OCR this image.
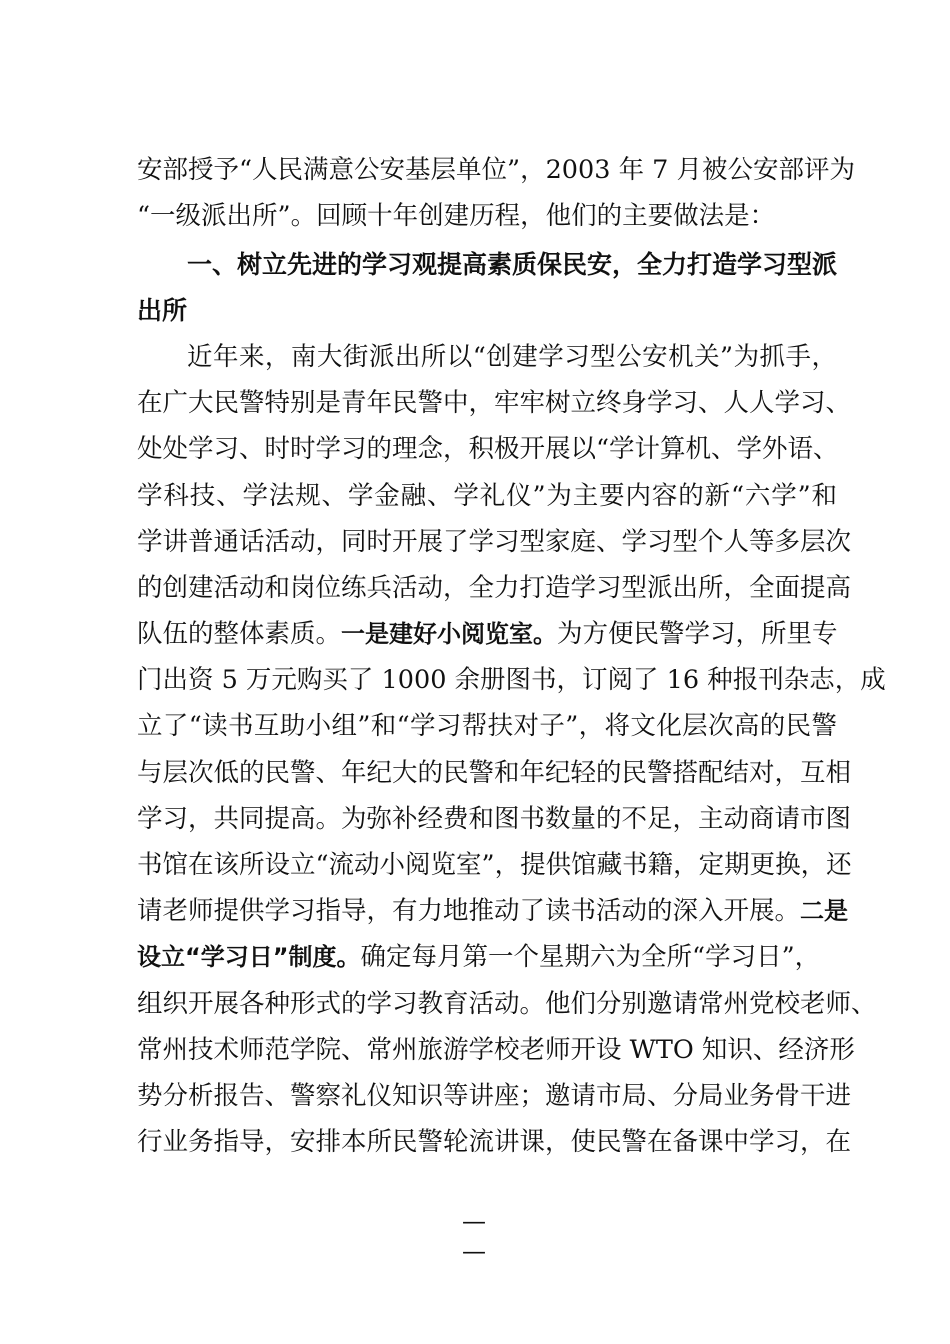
安部授予“人民满意公安基层单位”，2003 年 7 月被公安部评为
“一级派出所”。回顾十年创建历程，他们的主要做法是：
一、树立先进的学习观提高素质保民安，全力打造学习型派
出所
近年来，南大街派出所以“创建学习型公安机关”为抓手，
在广大民警特别是青年民警中，牢牢树立终身学习、人人学习、
处处学习、时时学习的理念，积极开展以“学计算机、学外语、
学科技、学法规、学金融、学礼仪”为主要内容的新“六学”和
学讲普通话活动，同时开展了学习型家庭、学习型个人等多层次
的创建活动和岗位练兵活动，全力打造学习型派出所，全面提高
队伍的整体素质。一是建好小阅览室。为方便民警学习，所里专
门出资 5 万元购买了 1000 余册图书，订阅了 16 种报刊杂志，成
立了“读书互助小组”和“学习帮扶对子”，将文化层次高的民警
与层次低的民警、年纪大的民警和年纪轻的民警搭配结对，互相
学习，共同提高。为弥补经费和图书数量的不足，主动商请市图
书馆在该所设立“流动小阅览室”，提供馆藏书籍，定期更换，还
请老师提供学习指导，有力地推动了读书活动的深入开展。二是
设立“学习日”制度。确定每月第一个星期六为全所“学习日”，
组织开展各种形式的学习教育活动。他们分别邀请常州党校老师、
常州技术师范学院、常州旅游学校老师开设 WTO 知识、经济形
势分析报告、警察礼仪知识等讲座；邀请市局、分局业务骨干进
行业务指导，安排本所民警轮流讲课，使民警在备课中学习，在
— —
